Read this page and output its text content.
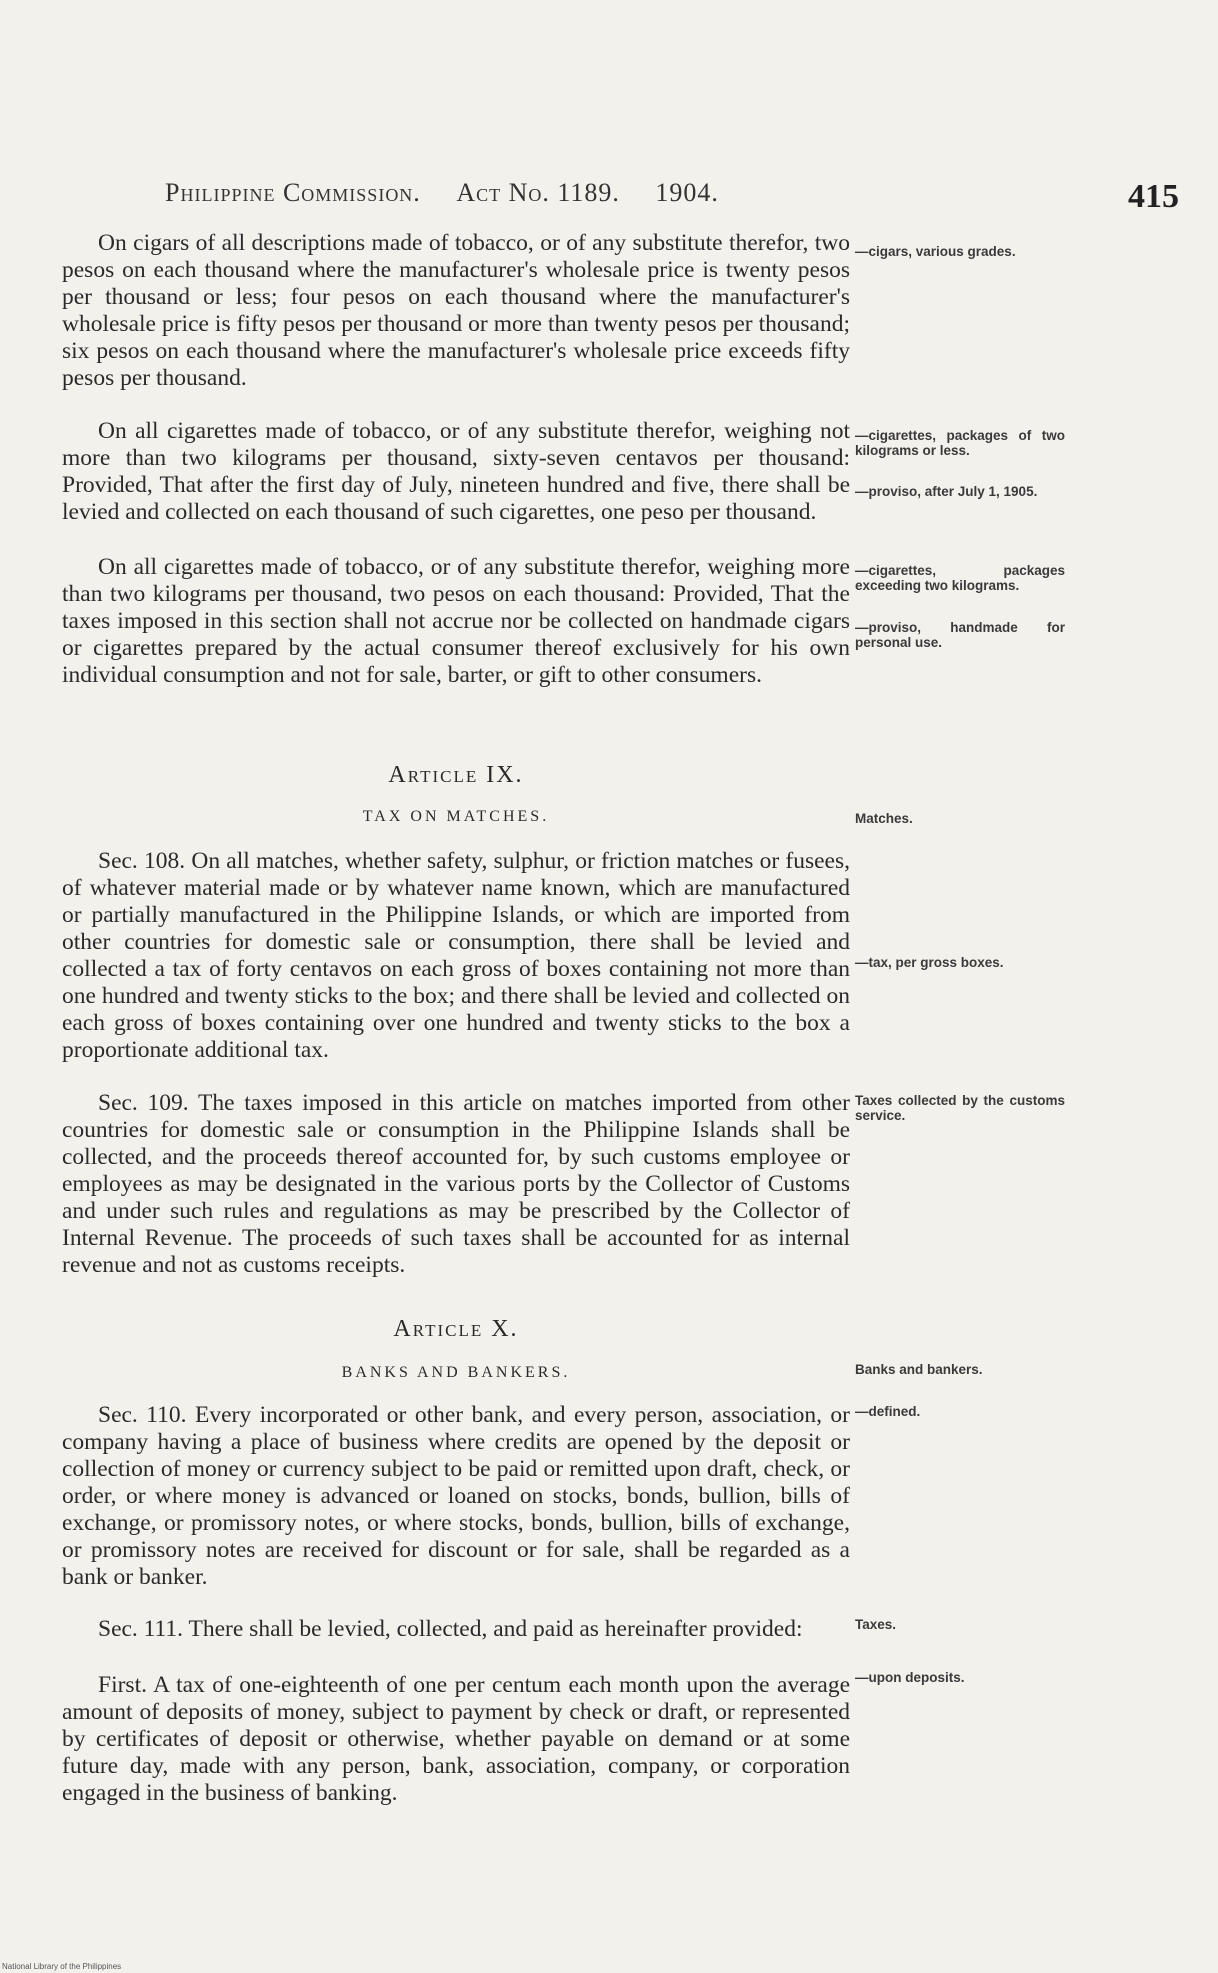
Philippine Commission. Act No. 1189. 1904.	415

On cigars of all descriptions made of tobacco, or of any substitute therefor, two pesos on each thousand where the manufacturer's wholesale price is twenty pesos per thousand or less; four pesos on each thousand where the manufacturer's wholesale price is fifty pesos per thousand or more than twenty pesos per thousand; six pesos on each thousand where the manufacturer's wholesale price exceeds fifty pesos per thousand.

—cigars, various grades.

On all cigarettes made of tobacco, or of any substitute therefor, weighing not more than two kilograms per thousand, sixty-seven centavos per thousand: Provided, That after the first day of July, nineteen hundred and five, there shall be levied and collected on each thousand of such cigarettes, one peso per thousand.

—cigarettes, packages of two kilograms or less.
—proviso, after July 1, 1905.

On all cigarettes made of tobacco, or of any substitute therefor, weighing more than two kilograms per thousand, two pesos on each thousand: Provided, That the taxes imposed in this section shall not accrue nor be collected on handmade cigars or cigarettes prepared by the actual consumer thereof exclusively for his own individual consumption and not for sale, barter, or gift to other consumers.

—cigarettes, packages exceeding two kilograms.
—proviso, handmade for personal use.
Article IX.
TAX ON MATCHES.	Matches.

Sec. 108. On all matches, whether safety, sulphur, or friction matches or fusees, of whatever material made or by whatever name known, which are manufactured or partially manufactured in the Philippine Islands, or which are imported from other countries for domestic sale or consumption, there shall be levied and collected a tax of forty centavos on each gross of boxes containing not more than one hundred and twenty sticks to the box; and there shall be levied and collected on each gross of boxes containing over one hundred and twenty sticks to the box a proportionate additional tax.

—tax, per gross boxes.

Sec. 109. The taxes imposed in this article on matches imported from other countries for domestic sale or consumption in the Philippine Islands shall be collected, and the proceeds thereof accounted for, by such customs employee or employees as may be designated in the various ports by the Collector of Customs and under such rules and regulations as may be prescribed by the Collector of Internal Revenue. The proceeds of such taxes shall be accounted for as internal revenue and not as customs receipts.

Taxes collected by the customs service.
Article X.
BANKS AND BANKERS.	Banks and bankers.

Sec. 110. Every incorporated or other bank, and every person, association, or company having a place of business where credits are opened by the deposit or collection of money or currency subject to be paid or remitted upon draft, check, or order, or where money is advanced or loaned on stocks, bonds, bullion, bills of exchange, or promissory notes, or where stocks, bonds, bullion, bills of exchange, or promissory notes are received for discount or for sale, shall be regarded as a bank or banker.

—defined.

Sec. 111. There shall be levied, collected, and paid as hereinafter provided:	Taxes.

First. A tax of one-eighteenth of one per centum each month upon the average amount of deposits of money, subject to payment by check or draft, or represented by certificates of deposit or otherwise, whether payable on demand or at some future day, made with any person, bank, association, company, or corporation engaged in the business of banking.

—upon deposits.
National Library of the Philippines
